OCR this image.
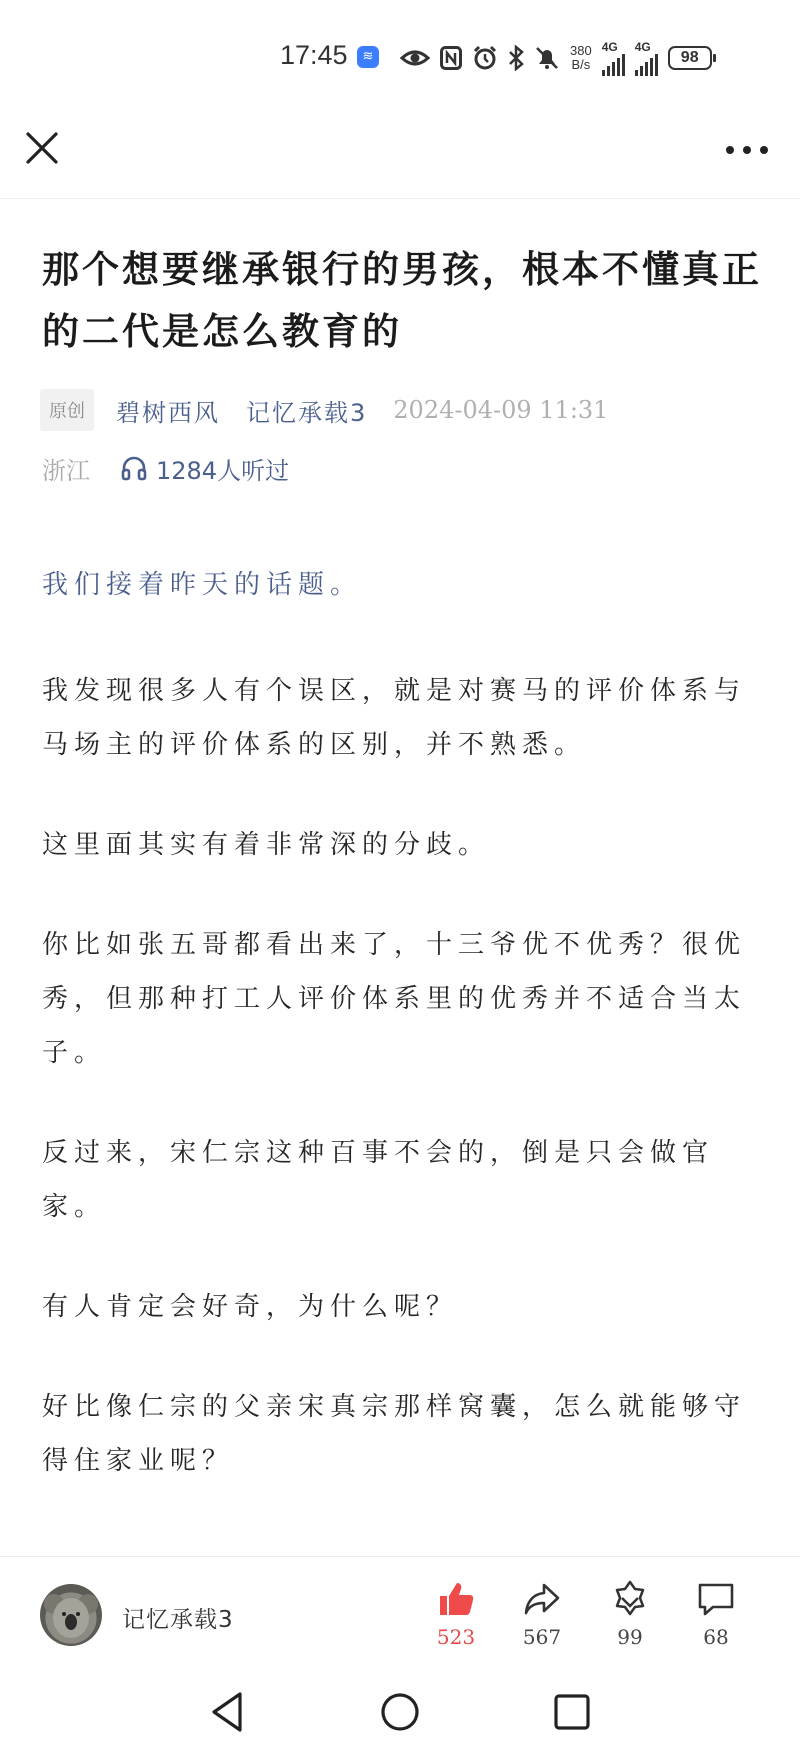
17:45	≋	380
B/s
4G 4G
98
那个想要继承银行的男孩，根本不懂真正的二代是怎么教育的
原创	碧树西风 记忆承载3 2024-04-09 11:31
浙江	1284人听过

我们接着昨天的话题。

我发现很多人有个误区，就是对赛马的评价体系与马场主的评价体系的区别，并不熟悉。

这里面其实有着非常深的分歧。

你比如张五哥都看出来了，十三爷优不优秀？很优秀，但那种打工人评价体系里的优秀并不适合当太子。

反过来，宋仁宗这种百事不会的，倒是只会做官家。

有人肯定会好奇，为什么呢？

好比像仁宗的父亲宋真宗那样窝囊，怎么就能够守得住家业呢？

记忆承载3
523	567	99	68
